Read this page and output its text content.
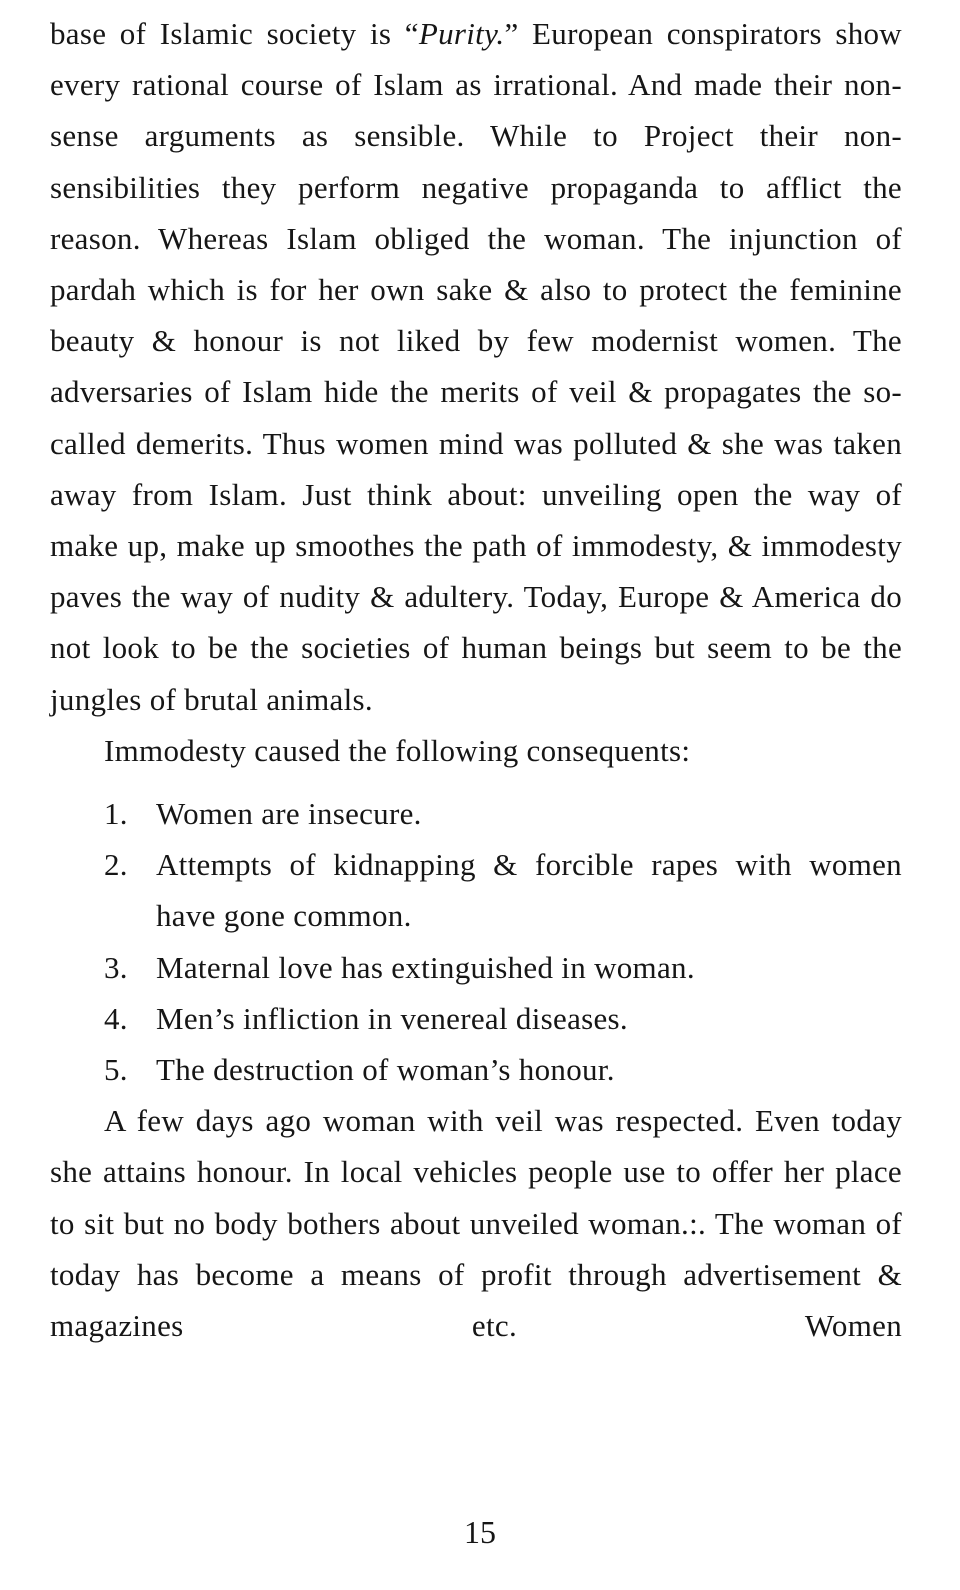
base of Islamic society is “Purity.” European conspirators show every rational course of Islam as irrational. And made their non-sense arguments as sensible. While to Project their non-sensibilities they perform negative propaganda to afflict the reason. Whereas Islam obliged the woman. The injunction of pardah which is for her own sake & also to protect the feminine beauty & honour is not liked by few modernist women. The adversaries of Islam hide the merits of veil & propagates the so-called demerits. Thus women mind was polluted & she was taken away from Islam. Just think about: unveiling open the way of make up, make up smoothes the path of immodesty, & immodesty paves the way of nudity & adultery. Today, Europe & America do not look to be the societies of human beings but seem to be the jungles of brutal animals.

Immodesty caused the following consequents:

1. Women are insecure.
2. Attempts of kidnapping & forcible rapes with women have gone common.
3. Maternal love has extinguished in woman.
4. Men’s infliction in venereal diseases.
5. The destruction of woman’s honour.

A few days ago woman with veil was respected. Even today she attains honour. In local vehicles people use to offer her place to sit but no body bothers about unveiled woman.:. The woman of today has become a means of profit through advertisement & magazines etc. Women

15
